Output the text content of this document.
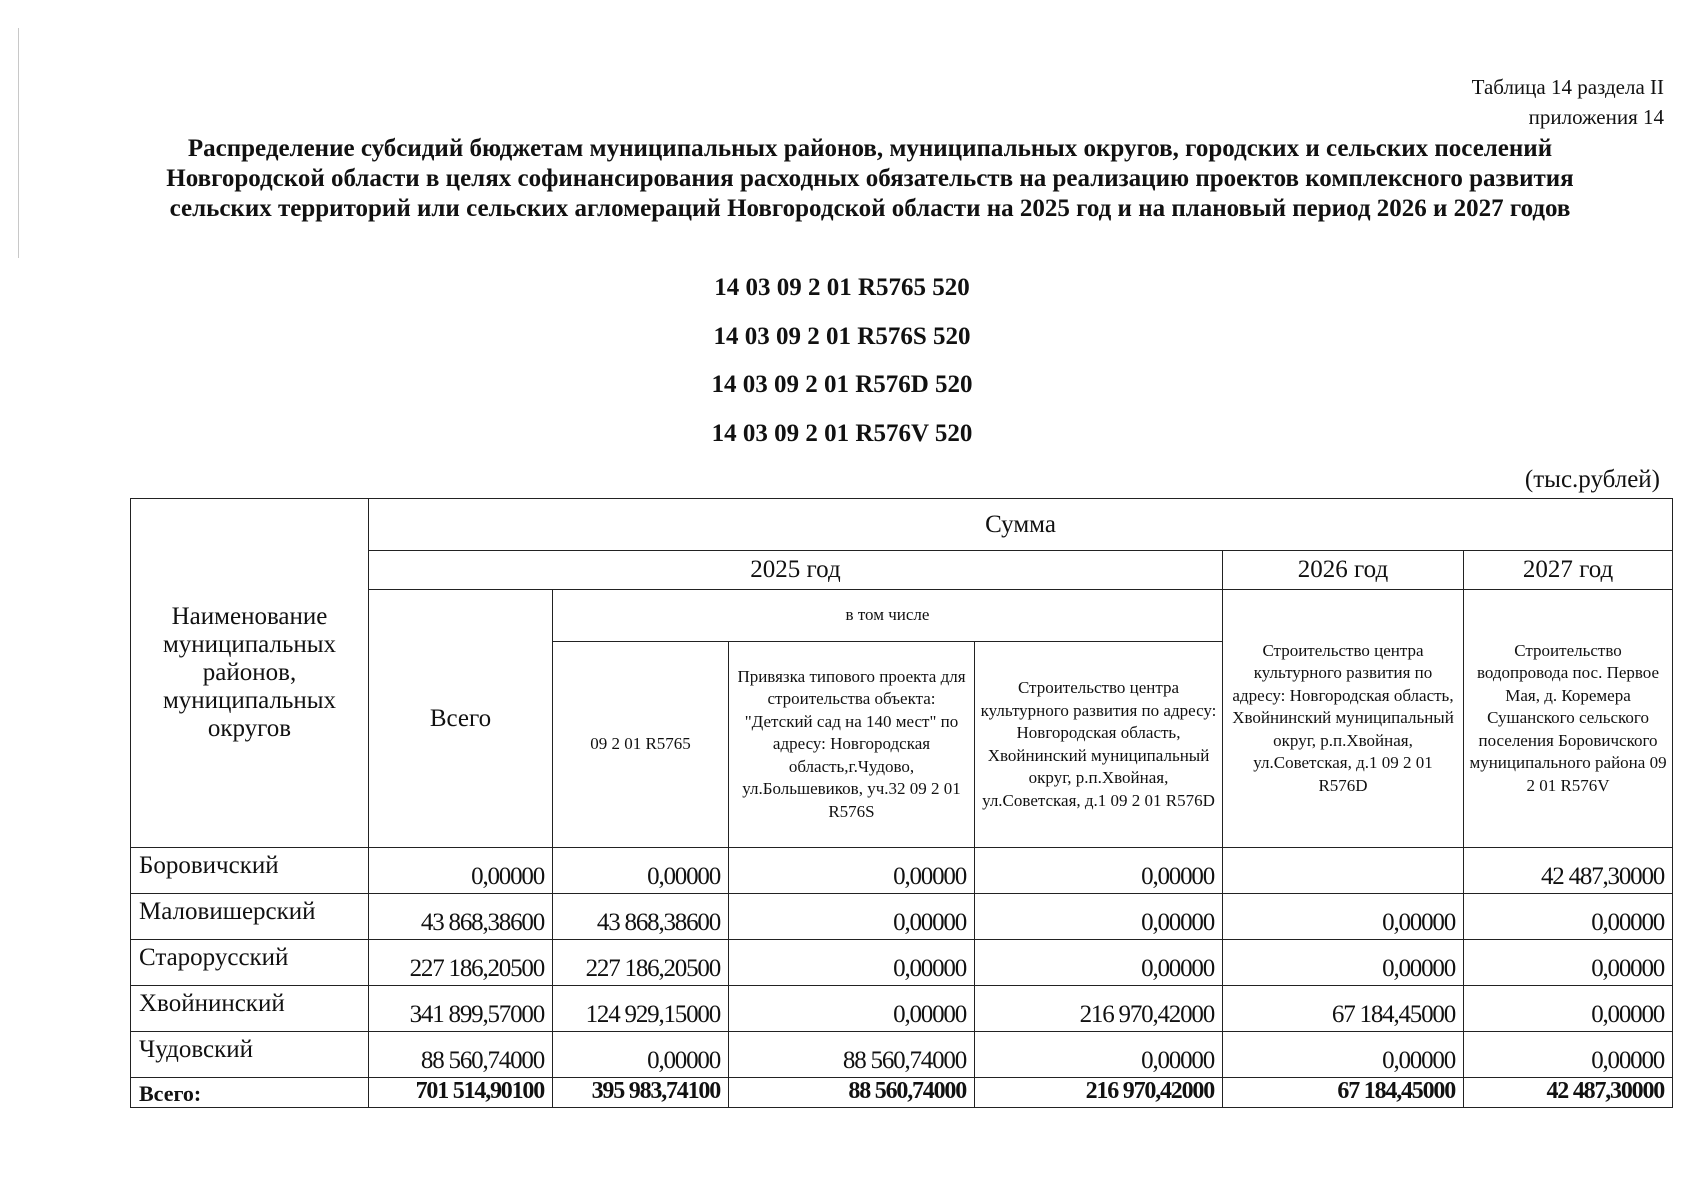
Таблица 14 раздела II
приложения 14
Распределение субсидий бюджетам муниципальных районов, муниципальных округов, городских и сельских поселений Новгородской области в целях софинансирования расходных обязательств на реализацию проектов комплексного развития сельских территорий или сельских агломераций Новгородской области на 2025 год и на плановый период 2026 и 2027 годов
14 03 09 2 01 R5765 520
14 03 09 2 01 R576S 520
14 03 09 2 01 R576D 520
14 03 09 2 01 R576V 520
(тыс.рублей)
Наименование муниципальных районов, муниципальных округов	Сумма					
	2025 год				2026 год	2027 год
	Всего	в том числе			Строительство центра культурного развития по адресу: Новгородская область, Хвойнинский муниципальный округ, р.п.Хвойная, ул.Советская, д.1 09 2 01 R576D	Строительство водопровода пос. Первое Мая, д. Коремера Сушанского сельского поселения Боровичского муниципального района 09 2 01 R576V
		09 2 01 R5765	Привязка типового проекта для строительства объекта: "Детский сад на 140 мест" по адресу: Новгородская область,г.Чудово, ул.Большевиков, уч.32 09 2 01 R576S	Строительство центра культурного развития по адресу: Новгородская область, Хвойнинский муниципальный округ, р.п.Хвойная, ул.Советская, д.1 09 2 01 R576D		
Боровичский	0,00000	0,00000	0,00000	0,00000		42 487,30000
Маловишерский	43 868,38600	43 868,38600	0,00000	0,00000	0,00000	0,00000
Старорусский	227 186,20500	227 186,20500	0,00000	0,00000	0,00000	0,00000
Хвойнинский	341 899,57000	124 929,15000	0,00000	216 970,42000	67 184,45000	0,00000
Чудовский	88 560,74000	0,00000	88 560,74000	0,00000	0,00000	0,00000
Всего:	701 514,90100	395 983,74100	88 560,74000	216 970,42000	67 184,45000	42 487,30000
